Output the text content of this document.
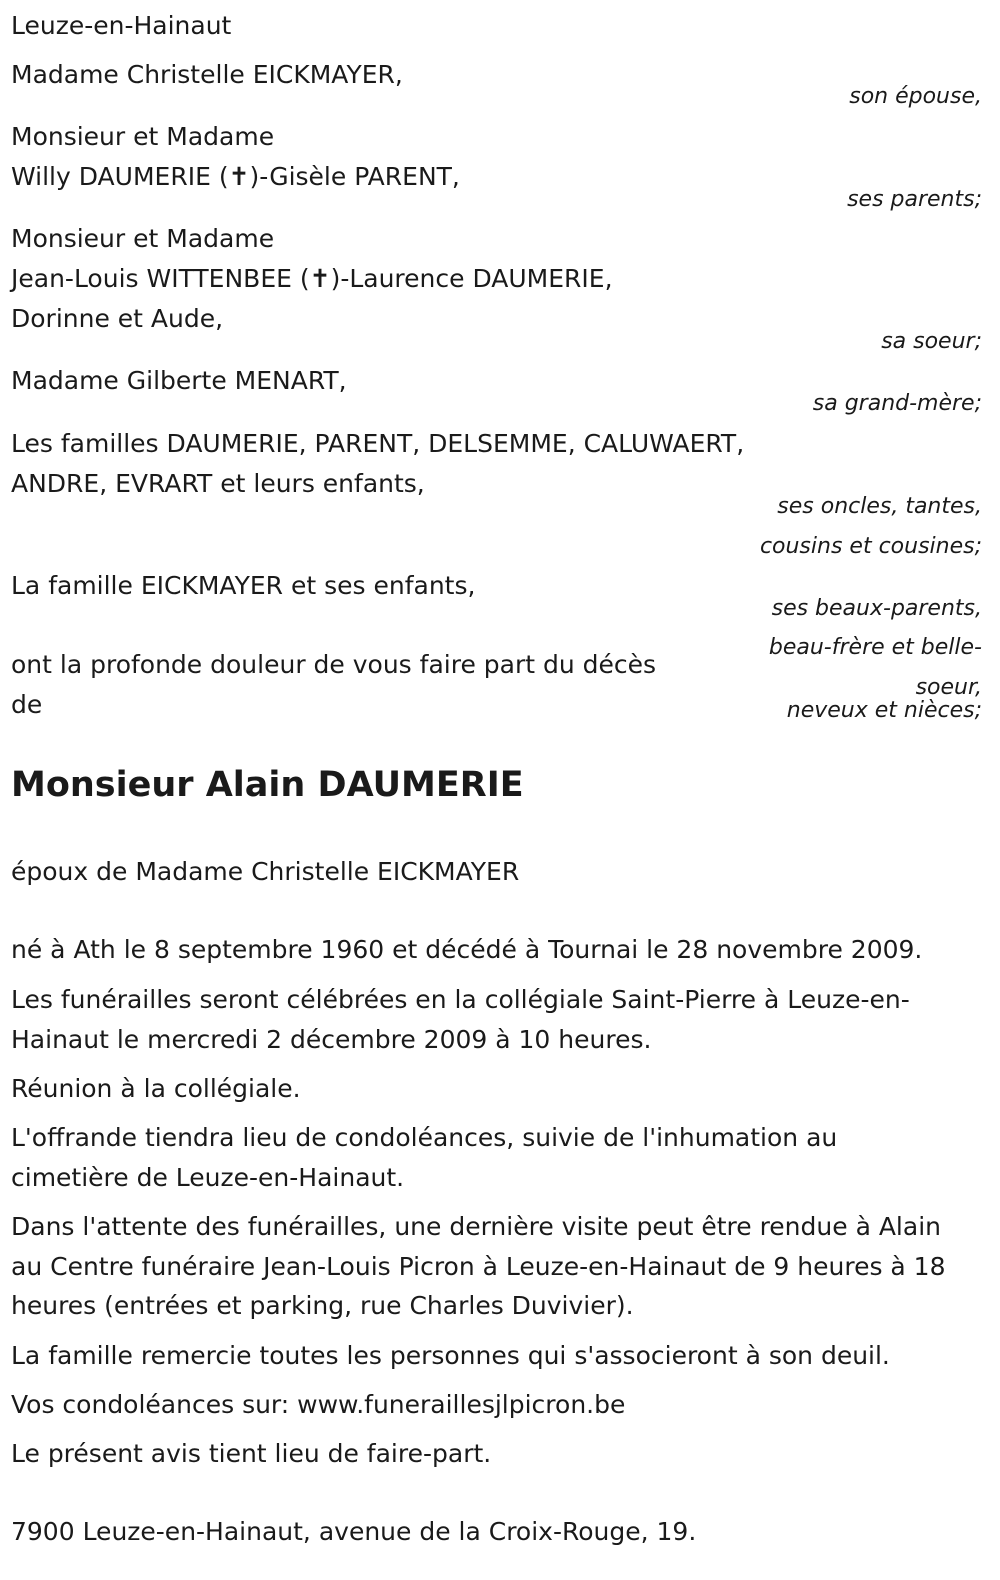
Leuze-en-Hainaut
Madame Christelle EICKMAYER,
son épouse,
Monsieur et Madame
Willy DAUMERIE (✝)-Gisèle PARENT,
ses parents;
Monsieur et Madame
Jean-Louis WITTENBEE (✝)-Laurence DAUMERIE,
Dorinne et Aude,
sa soeur;
Madame Gilberte MENART,
sa grand-mère;
Les familles DAUMERIE, PARENT, DELSEMME, CALUWAERT,
ANDRE, EVRART et leurs enfants,
ses oncles, tantes,
cousins et cousines;
La famille EICKMAYER et ses enfants,
ses beaux-parents,
beau-frère et belle-
soeur,
neveux et nièces;
ont la profonde douleur de vous faire part du décès
de
Monsieur Alain DAUMERIE
époux de Madame Christelle EICKMAYER
né à Ath le 8 septembre 1960 et décédé à Tournai le 28 novembre 2009.
Les funérailles seront célébrées en la collégiale Saint-Pierre à Leuze-en-Hainaut le mercredi 2 décembre 2009 à 10 heures.
Réunion à la collégiale.
L'offrande tiendra lieu de condoléances, suivie de l'inhumation au cimetière de Leuze-en-Hainaut.
Dans l'attente des funérailles, une dernière visite peut être rendue à Alain au Centre funéraire Jean-Louis Picron à Leuze-en-Hainaut de 9 heures à 18 heures (entrées et parking, rue Charles Duvivier).
La famille remercie toutes les personnes qui s'associeront à son deuil.
Vos condoléances sur: www.funeraillesjlpicron.be
Le présent avis tient lieu de faire-part.
7900 Leuze-en-Hainaut, avenue de la Croix-Rouge, 19.
